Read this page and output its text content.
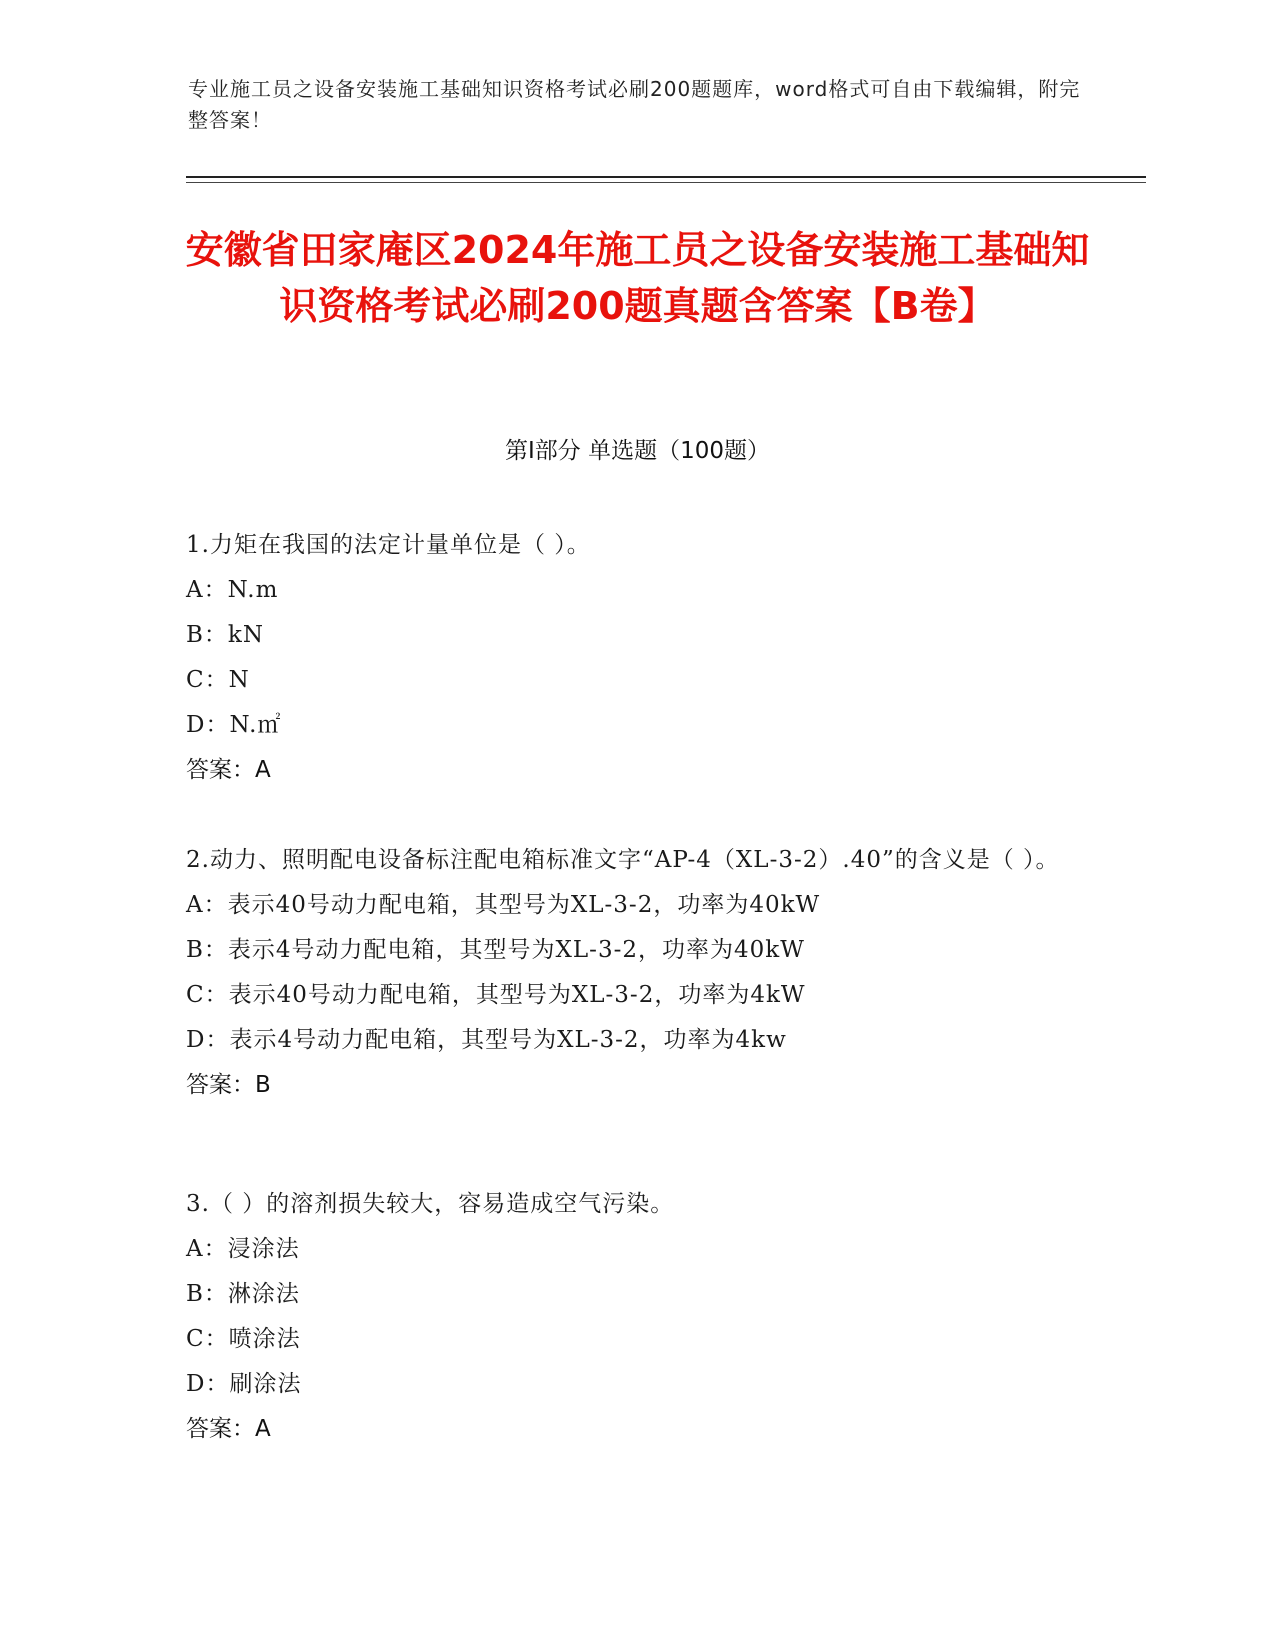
专业施工员之设备安装施工基础知识资格考试必刷200题题库，word格式可自由下载编辑，附完整答案！
安徽省田家庵区2024年施工员之设备安装施工基础知识资格考试必刷200题真题含答案【B卷】
第Ⅰ部分 单选题（100题）
1.力矩在我国的法定计量单位是（ ）。
A：N.m
B：kN
C：N
D：N.㎡
答案：A
2.动力、照明配电设备标注配电箱标准文字“AP-4（XL-3-2）.40”的含义是（ ）。
A：表示40号动力配电箱，其型号为XL-3-2，功率为40kW
B：表示4号动力配电箱，其型号为XL-3-2，功率为40kW
C：表示40号动力配电箱，其型号为XL-3-2，功率为4kW
D：表示4号动力配电箱，其型号为XL-3-2，功率为4kw
答案：B
3.（ ）的溶剂损失较大，容易造成空气污染。
A：浸涂法
B：淋涂法
C：喷涂法
D：刷涂法
答案：A
